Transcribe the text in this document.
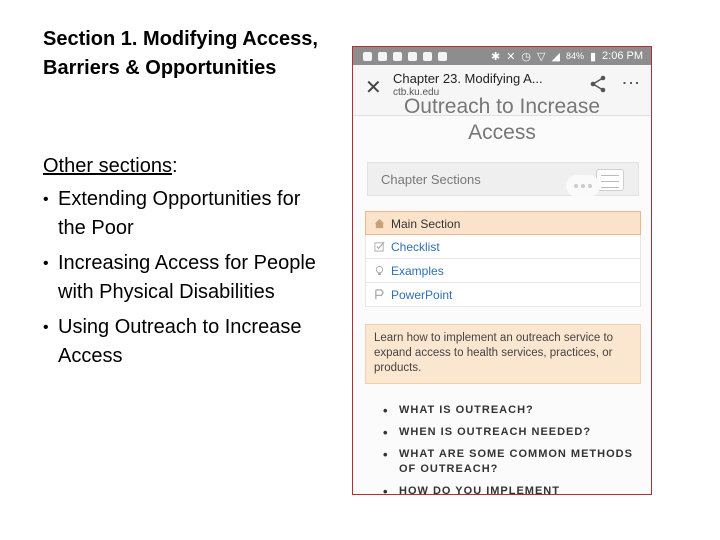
Section 1. Modifying Access, Barriers & Opportunities
Other sections:
• Extending Opportunities for the Poor
• Increasing Access for People with Physical Disabilities
• Using Outreach to Increase Access
✱ ✕ ◷ ▽ ◢ 84% ▮ 2:06 PM
✕ Chapter 23. Modifying A...
ctb.ku.edu
⋮
Outreach to Increase
Access
Chapter Sections
Main Section
Checklist
Examples
PowerPoint
Learn how to implement an outreach service to expand access to health services, practices, or products.
• WHAT IS OUTREACH?
• WHEN IS OUTREACH NEEDED?
• WHAT ARE SOME COMMON METHODS OF OUTREACH?
• HOW DO YOU IMPLEMENT
